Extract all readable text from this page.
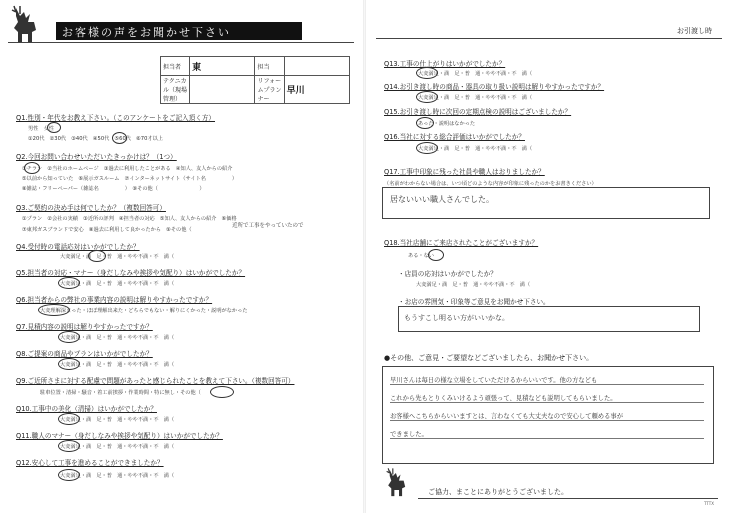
お客様の声をお聞かせ下さい
担当者	東	担当	
テクニカル（現場管理）		リフォームプランナー	早川
Q1.性別・年代をお教え下さい。（このアンケートをご記入頂く方）
男性　女性
①20代　②30代　③40代　④50代　⑤60代　⑥70才以上
Q2.今回お問い合わせいただいたきっかけは？（1つ）
①チラシ　②当社のホームページ　③過去に利用したことがある　④知人、友人からの紹介
⑤以前から知っていた　⑥展示ガスルーム　⑦インターネットサイト（サイト名　　　　　）
⑧雑誌・フリーペーパー（雑誌名　　　　　）　⑨その他（　　　　　　　　）
Q3.ご契約の決め手は何でしたか？（複数回答可）
①プラン　②会社の実績　③近所の評判　④担当者の対応　⑤知人、友人からの紹介　⑥価格
⑦東邦ガスブランドで安心　⑧過去に利用して良かったから　⑨その他（
近所で工事をやっていたので
Q4.受付時の電話応対はいかがでしたか？
大変満足・満　足・普　通・やや不満・不　満（
Q5.担当者の対応・マナー（身だしなみや挨拶や気配り）はいかがでしたか？
大変満足・満　足・普　通・やや不満・不　満（
Q6.担当者からの弊社の事業内容の説明は解りやすかったですか？
大変理解深まった・ほぼ理解出来た・どちらでもない・解りにくかった・説明がなかった
Q7.見積内容の説明は解りやすかったですか？
大変満足・満　足・普　通・やや不満・不　満（
Q8.ご提案の商品やプランはいかがでしたか？
大変満足・満　足・普　通・やや不満・不　満（
Q9.ご近所さまに対する配慮で問題があったと感じられたことを教えて下さい。（複数回答可）
駐車位置・清掃・騒音・着工前挨拶・作業時間・特に無し・その他（
Q10.工事中の美化（清掃）はいかがでしたか？
大変満足・満　足・普　通・やや不満・不　満（
Q11.職人のマナー（身だしなみや挨拶や気配り）はいかがでしたか？
大変満足・満　足・普　通・やや不満・不　満（
Q12.安心して工事を進めることができましたか？
大変満足・満　足・普　通・やや不満・不　満（
お引渡し時
Q13.工事の仕上がりはいかがでしたか？
大変満足・満　足・普　通・やや不満・不　満（
Q14.お引き渡し時の商品・器具の取り扱い説明は解りやすかったですか？
大変満足・満　足・普　通・やや不満・不　満（
Q15.お引き渡し時に次回の定期点検の説明はございましたか？
あった・説明はなかった
Q16.当社に対する総合評価はいかがでしたか？
大変満足・満　足・普　通・やや不満・不　満（
Q17.工事中印象に残った社員や職人はおりましたか？
（名前がわからない場合は、いつ頃どのような内容が印象に残ったのかをお書きください）
居ないいい職人さんでした。
Q18.当社店舗にご来店されたことがございますか？
ある・ない
・店員の応対はいかがでしたか？
大変満足・満　足・普　通・やや不満・不　満（
・お店の雰囲気・印象等ご意見をお聞かせ下さい。
もうすこし明るい方がいいかな。
●その他、ご意見・ご要望などございましたら、お聞かせ下さい。
早川さんは毎日の様な立場をしていただけるからいいです。他の方なども
これから先もとりくみいけるよう頑張って、見積なども説明してもらいました。
お客様へこちらからいいますとは、言わなくても大丈夫なので安心して頼める事が
できました。
ご協力、まことにありがとうございました。
TTTX
